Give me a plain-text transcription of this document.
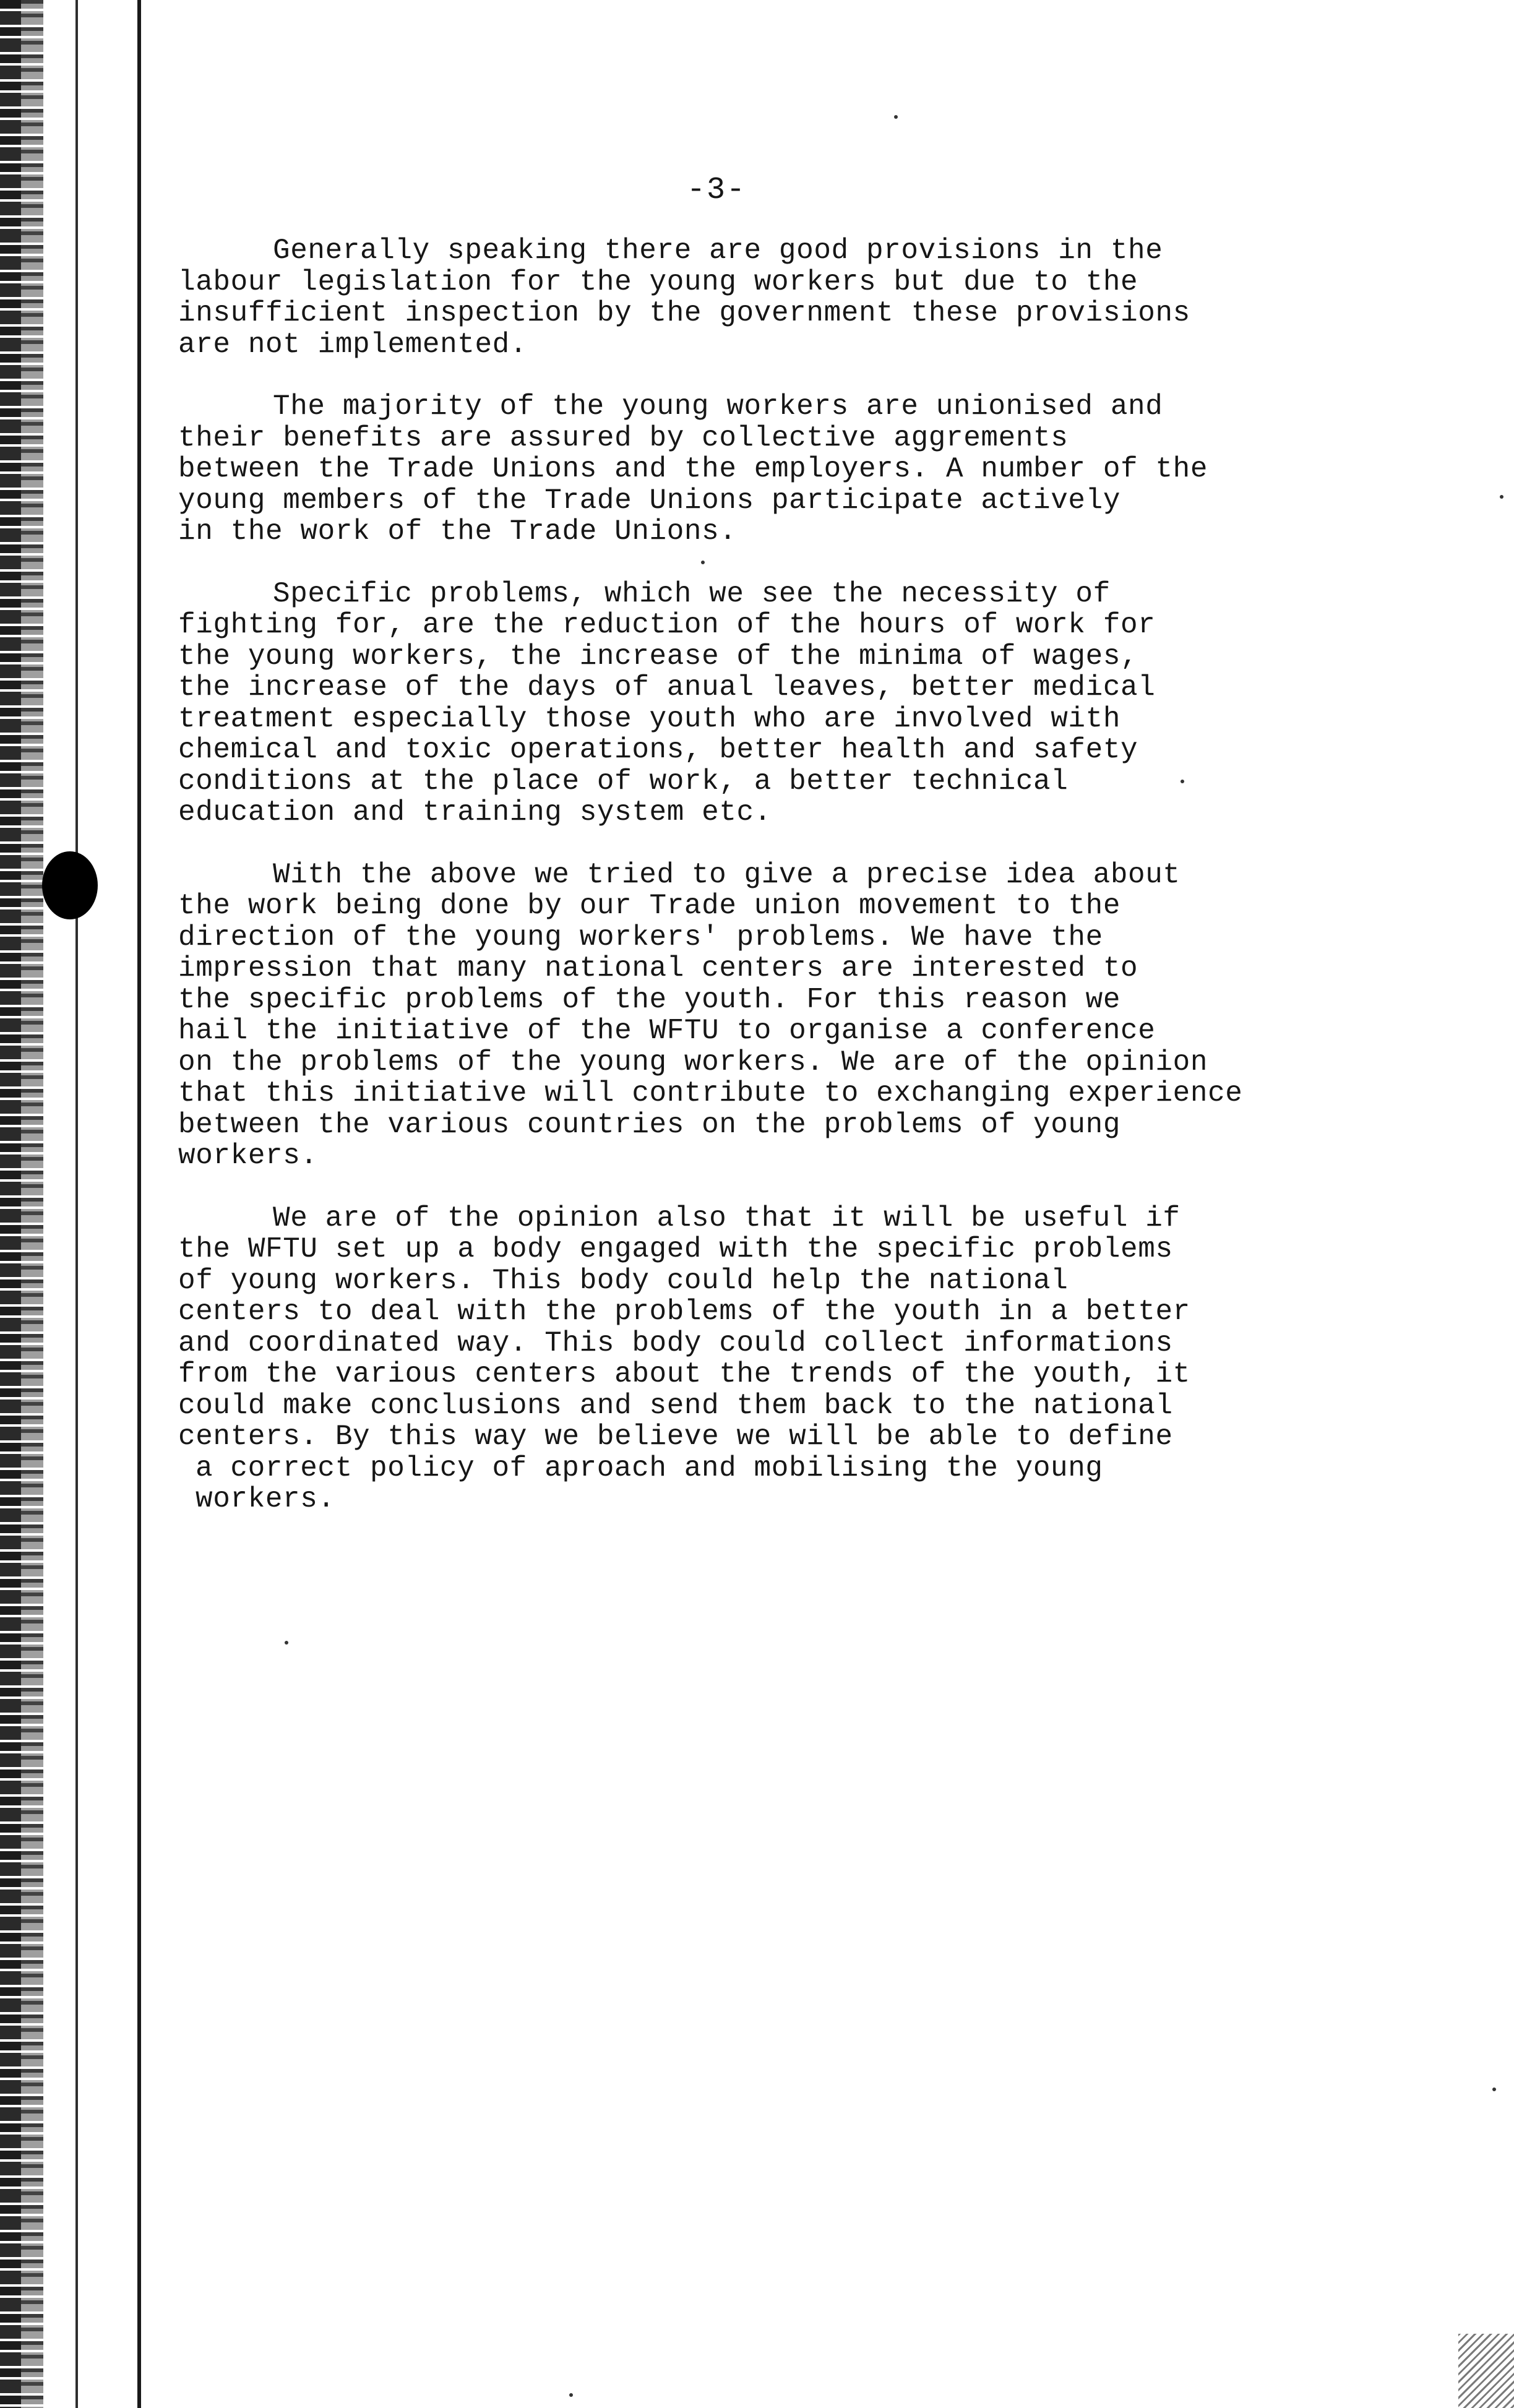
-3-
Generally speaking there are good provisions in the
labour legislation for the young workers but due to the
insufficient inspection by the government these provisions
are not implemented.
The majority of the young workers are unionised and
their benefits are assured by collective aggrements
between the Trade Unions and the employers. A number of the
young members of the Trade Unions participate actively
in the work of the Trade Unions.
Specific problems, which we see the necessity of
fighting for, are the reduction of the hours of work for
the young workers, the increase of the minima of wages,
the increase of the days of anual leaves, better medical
treatment especially those youth who are involved with
chemical and toxic operations, better health and safety
conditions at the place of work, a better technical
education and training system etc.
With the above we tried to give a precise idea about
the work being done by our Trade union movement to the
direction of the young workers' problems. We have the
impression that many national centers are interested to
the specific problems of the youth. For this reason we
hail the initiative of the WFTU to organise a conference
on the problems of the young workers. We are of the opinion
that this initiative will contribute to exchanging experience
between the various countries on the problems of young
workers.
We are of the opinion also that it will be useful if
the WFTU set up a body engaged with the specific problems
of young workers. This body could help the national
centers to deal with the problems of the youth in a better
and coordinated way. This body could collect informations
from the various centers about the trends of the youth, it
could make conclusions and send them back to the national
centers. By this way we believe we will be able to define
a correct policy of aproach and mobilising the young
workers.
